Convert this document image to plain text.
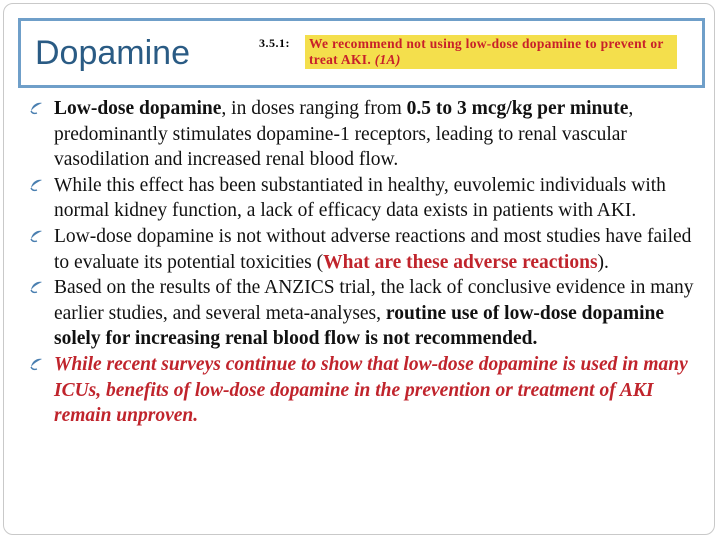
Dopamine	3.5.1: We recommend not using low-dose dopamine to prevent or treat AKI. (1A)
Low-dose dopamine, in doses ranging from 0.5 to 3 mcg/kg per minute, predominantly stimulates dopamine-1 receptors, leading to renal vascular vasodilation and increased renal blood flow.
While this effect has been substantiated in healthy, euvolemic individuals with normal kidney function, a lack of efficacy data exists in patients with AKI.
Low-dose dopamine is not without adverse reactions and most studies have failed to evaluate its potential toxicities (What are these adverse reactions).
Based on the results of the ANZICS trial, the lack of conclusive evidence in many earlier studies, and several meta-analyses, routine use of low-dose dopamine solely for increasing renal blood flow is not recommended.
While recent surveys continue to show that low-dose dopamine is used in many ICUs, benefits of low-dose dopamine in the prevention or treatment of AKI remain unproven.
